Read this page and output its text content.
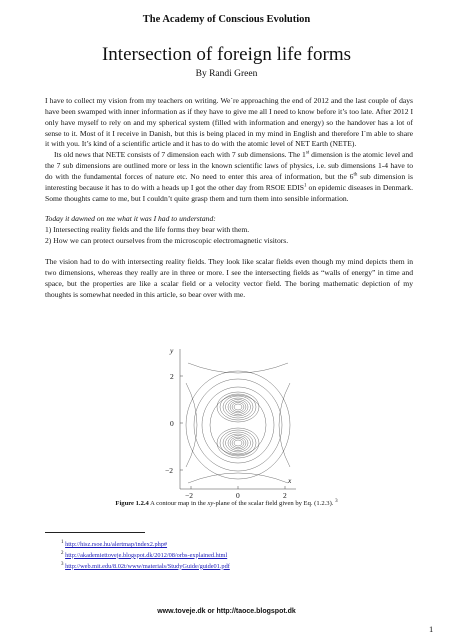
The Academy of Conscious Evolution
Intersection of foreign life forms
By Randi Green

I have to collect my vision from my teachers on writing. We´re approaching the end of 2012 and the last couple of days have been swamped with inner information as if they have to give me all I need to know before it’s too late. After 2012 I only have myself to rely on and my spherical system (filled with information and energy) so the handover has a lot of sense to it. Most of it I receive in Danish, but this is being placed in my mind in English and therefore I´m able to share it with you. It’s kind of a scientific article and it has to do with the atomic level of NET Earth (NETE).

Its old news that NETE consists of 7 dimension each with 7 sub dimensions. The 1st dimension is the atomic level and the 7 sub dimensions are outlined more or less in the known scientific laws of physics, i.e. sub dimensions 1-4 have to do with the fundamental forces of nature etc. No need to enter this area of information, but the 6th sub dimension is interesting because it has to do with a heads up I got the other day from RSOE EDIS$^1$ on epidemic diseases in Denmark. Some thoughts came to me, but I couldn’t quite grasp them and turn them into sensible information.

Today it dawned on me what it was I had to understand:

1) Intersecting reality fields and the life forms they bear with them.

2) How we can protect ourselves from the microscopic electromagnetic visitors.

The vision had to do with intersecting reality fields. They look like scalar fields even though my mind depicts them in two dimensions, whereas they really are in three or more. I see the intersecting fields as “walls of energy” in time and space, but the properties are like a scalar field or a velocity vector field. The boring mathematic depiction of my thoughts is somewhat needed in this article, so bear over with me.

y
x
2
0
−2
−2	0	2
Figure 1.2.4 A contour map in the xy-plane of the scalar field given by Eq. (1.2.3). $^3$
$^1$ http://hisz.rsoe.hu/alertmap/index2.php#
$^2$ http://akademiettoveje.blogspot.dk/2012/08/orbs-explained.html
$^3$ http://web.mit.edu/8.02t/www/materials/StudyGuide/guide01.pdf
www.toveje.dk or http://taoce.blogspot.dk
1
